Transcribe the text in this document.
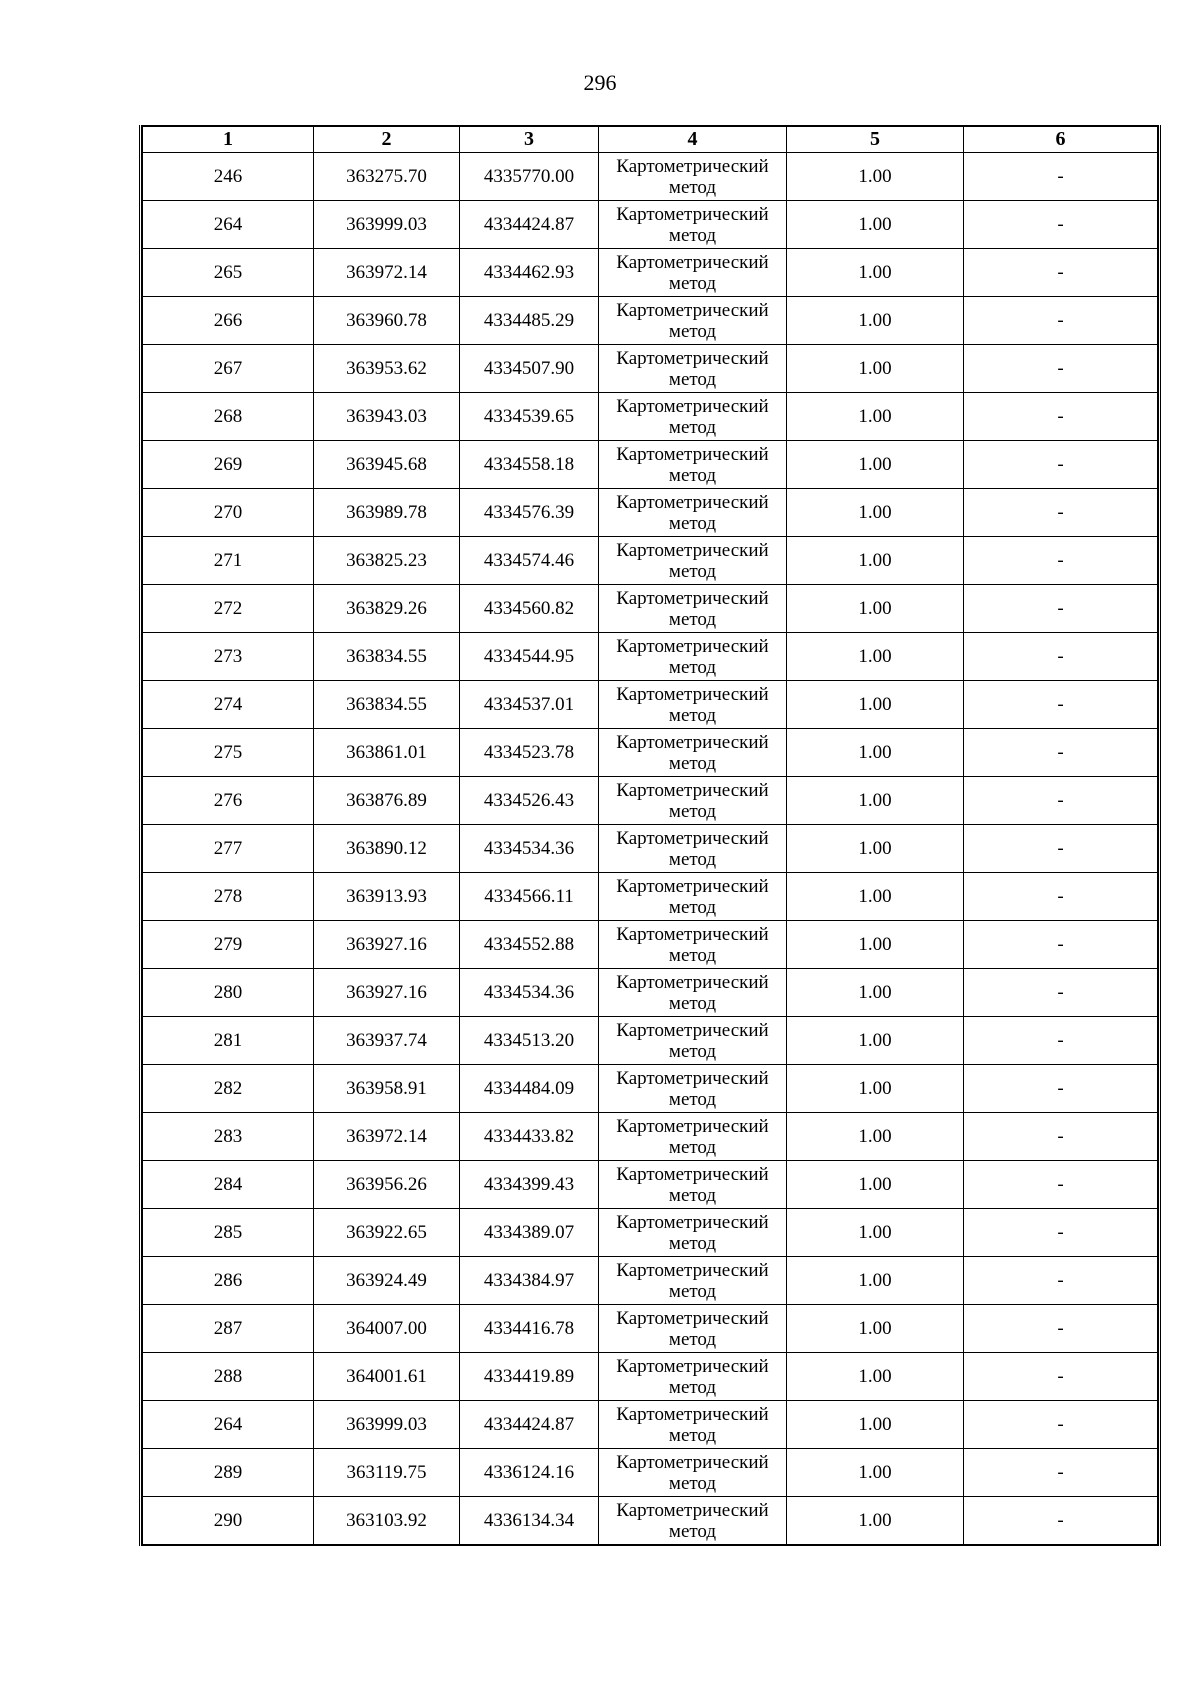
296
1	2	3	4	5	6
246	363275.70	4335770.00	Картометрический метод	1.00	-
264	363999.03	4334424.87	Картометрический метод	1.00	-
265	363972.14	4334462.93	Картометрический метод	1.00	-
266	363960.78	4334485.29	Картометрический метод	1.00	-
267	363953.62	4334507.90	Картометрический метод	1.00	-
268	363943.03	4334539.65	Картометрический метод	1.00	-
269	363945.68	4334558.18	Картометрический метод	1.00	-
270	363989.78	4334576.39	Картометрический метод	1.00	-
271	363825.23	4334574.46	Картометрический метод	1.00	-
272	363829.26	4334560.82	Картометрический метод	1.00	-
273	363834.55	4334544.95	Картометрический метод	1.00	-
274	363834.55	4334537.01	Картометрический метод	1.00	-
275	363861.01	4334523.78	Картометрический метод	1.00	-
276	363876.89	4334526.43	Картометрический метод	1.00	-
277	363890.12	4334534.36	Картометрический метод	1.00	-
278	363913.93	4334566.11	Картометрический метод	1.00	-
279	363927.16	4334552.88	Картометрический метод	1.00	-
280	363927.16	4334534.36	Картометрический метод	1.00	-
281	363937.74	4334513.20	Картометрический метод	1.00	-
282	363958.91	4334484.09	Картометрический метод	1.00	-
283	363972.14	4334433.82	Картометрический метод	1.00	-
284	363956.26	4334399.43	Картометрический метод	1.00	-
285	363922.65	4334389.07	Картометрический метод	1.00	-
286	363924.49	4334384.97	Картометрический метод	1.00	-
287	364007.00	4334416.78	Картометрический метод	1.00	-
288	364001.61	4334419.89	Картометрический метод	1.00	-
264	363999.03	4334424.87	Картометрический метод	1.00	-
289	363119.75	4336124.16	Картометрический метод	1.00	-
290	363103.92	4336134.34	Картометрический метод	1.00	-
